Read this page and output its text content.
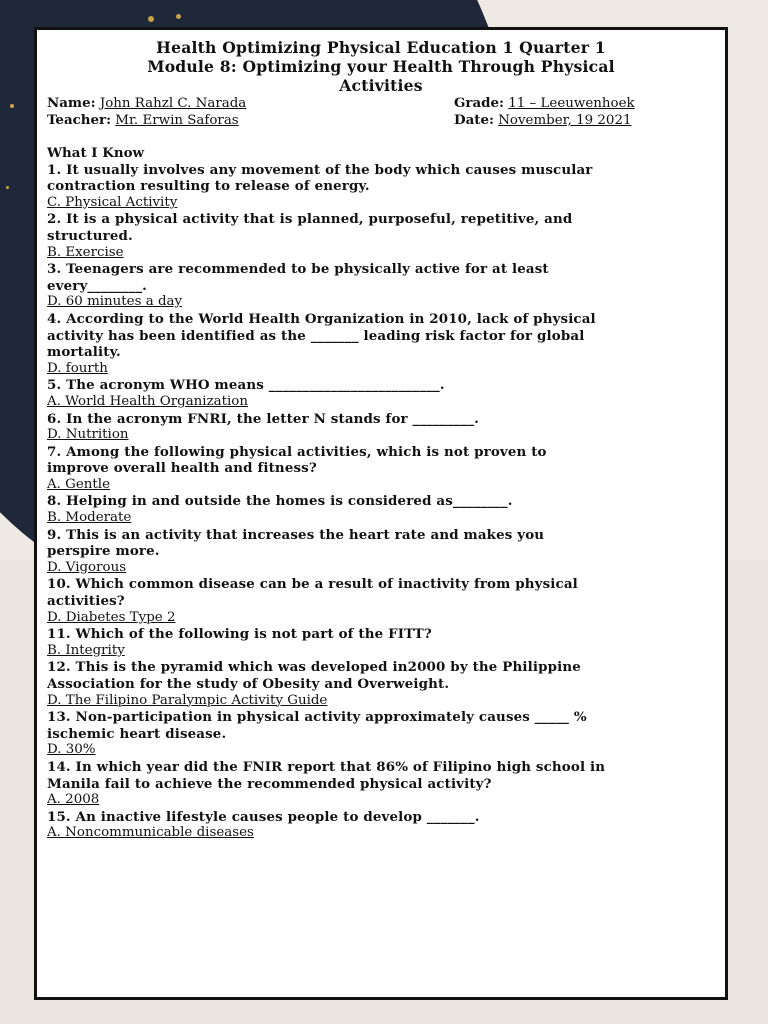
Health Optimizing Physical Education 1 Quarter 1
Module 8: Optimizing your Health Through Physical
Activities
Name: John Rahzl C. Narada	Grade: 11 – Leeuwenhoek
Teacher: Mr. Erwin Saforas	Date: November, 19 2021
What I Know
1. It usually involves any movement of the body which causes muscular
contraction resulting to release of energy.
C. Physical Activity
2. It is a physical activity that is planned, purposeful, repetitive, and
structured.
B. Exercise
3. Teenagers are recommended to be physically active for at least
every________.
D. 60 minutes a day
4. According to the World Health Organization in 2010, lack of physical
activity has been identified as the _______ leading risk factor for global
mortality.
D. fourth
5. The acronym WHO means _________________________.
A. World Health Organization
6. In the acronym FNRI, the letter N stands for _________.
D. Nutrition
7. Among the following physical activities, which is not proven to
improve overall health and fitness?
A. Gentle
8. Helping in and outside the homes is considered as________.
B. Moderate
9. This is an activity that increases the heart rate and makes you
perspire more.
D. Vigorous
10. Which common disease can be a result of inactivity from physical
activities?
D. Diabetes Type 2
11. Which of the following is not part of the FITT?
B. Integrity
12. This is the pyramid which was developed in2000 by the Philippine
Association for the study of Obesity and Overweight.
D. The Filipino Paralympic Activity Guide
13. Non-participation in physical activity approximately causes _____ %
ischemic heart disease.
D. 30%
14. In which year did the FNIR report that 86% of Filipino high school in
Manila fail to achieve the recommended physical activity?
A. 2008
15. An inactive lifestyle causes people to develop _______.
A. Noncommunicable diseases
